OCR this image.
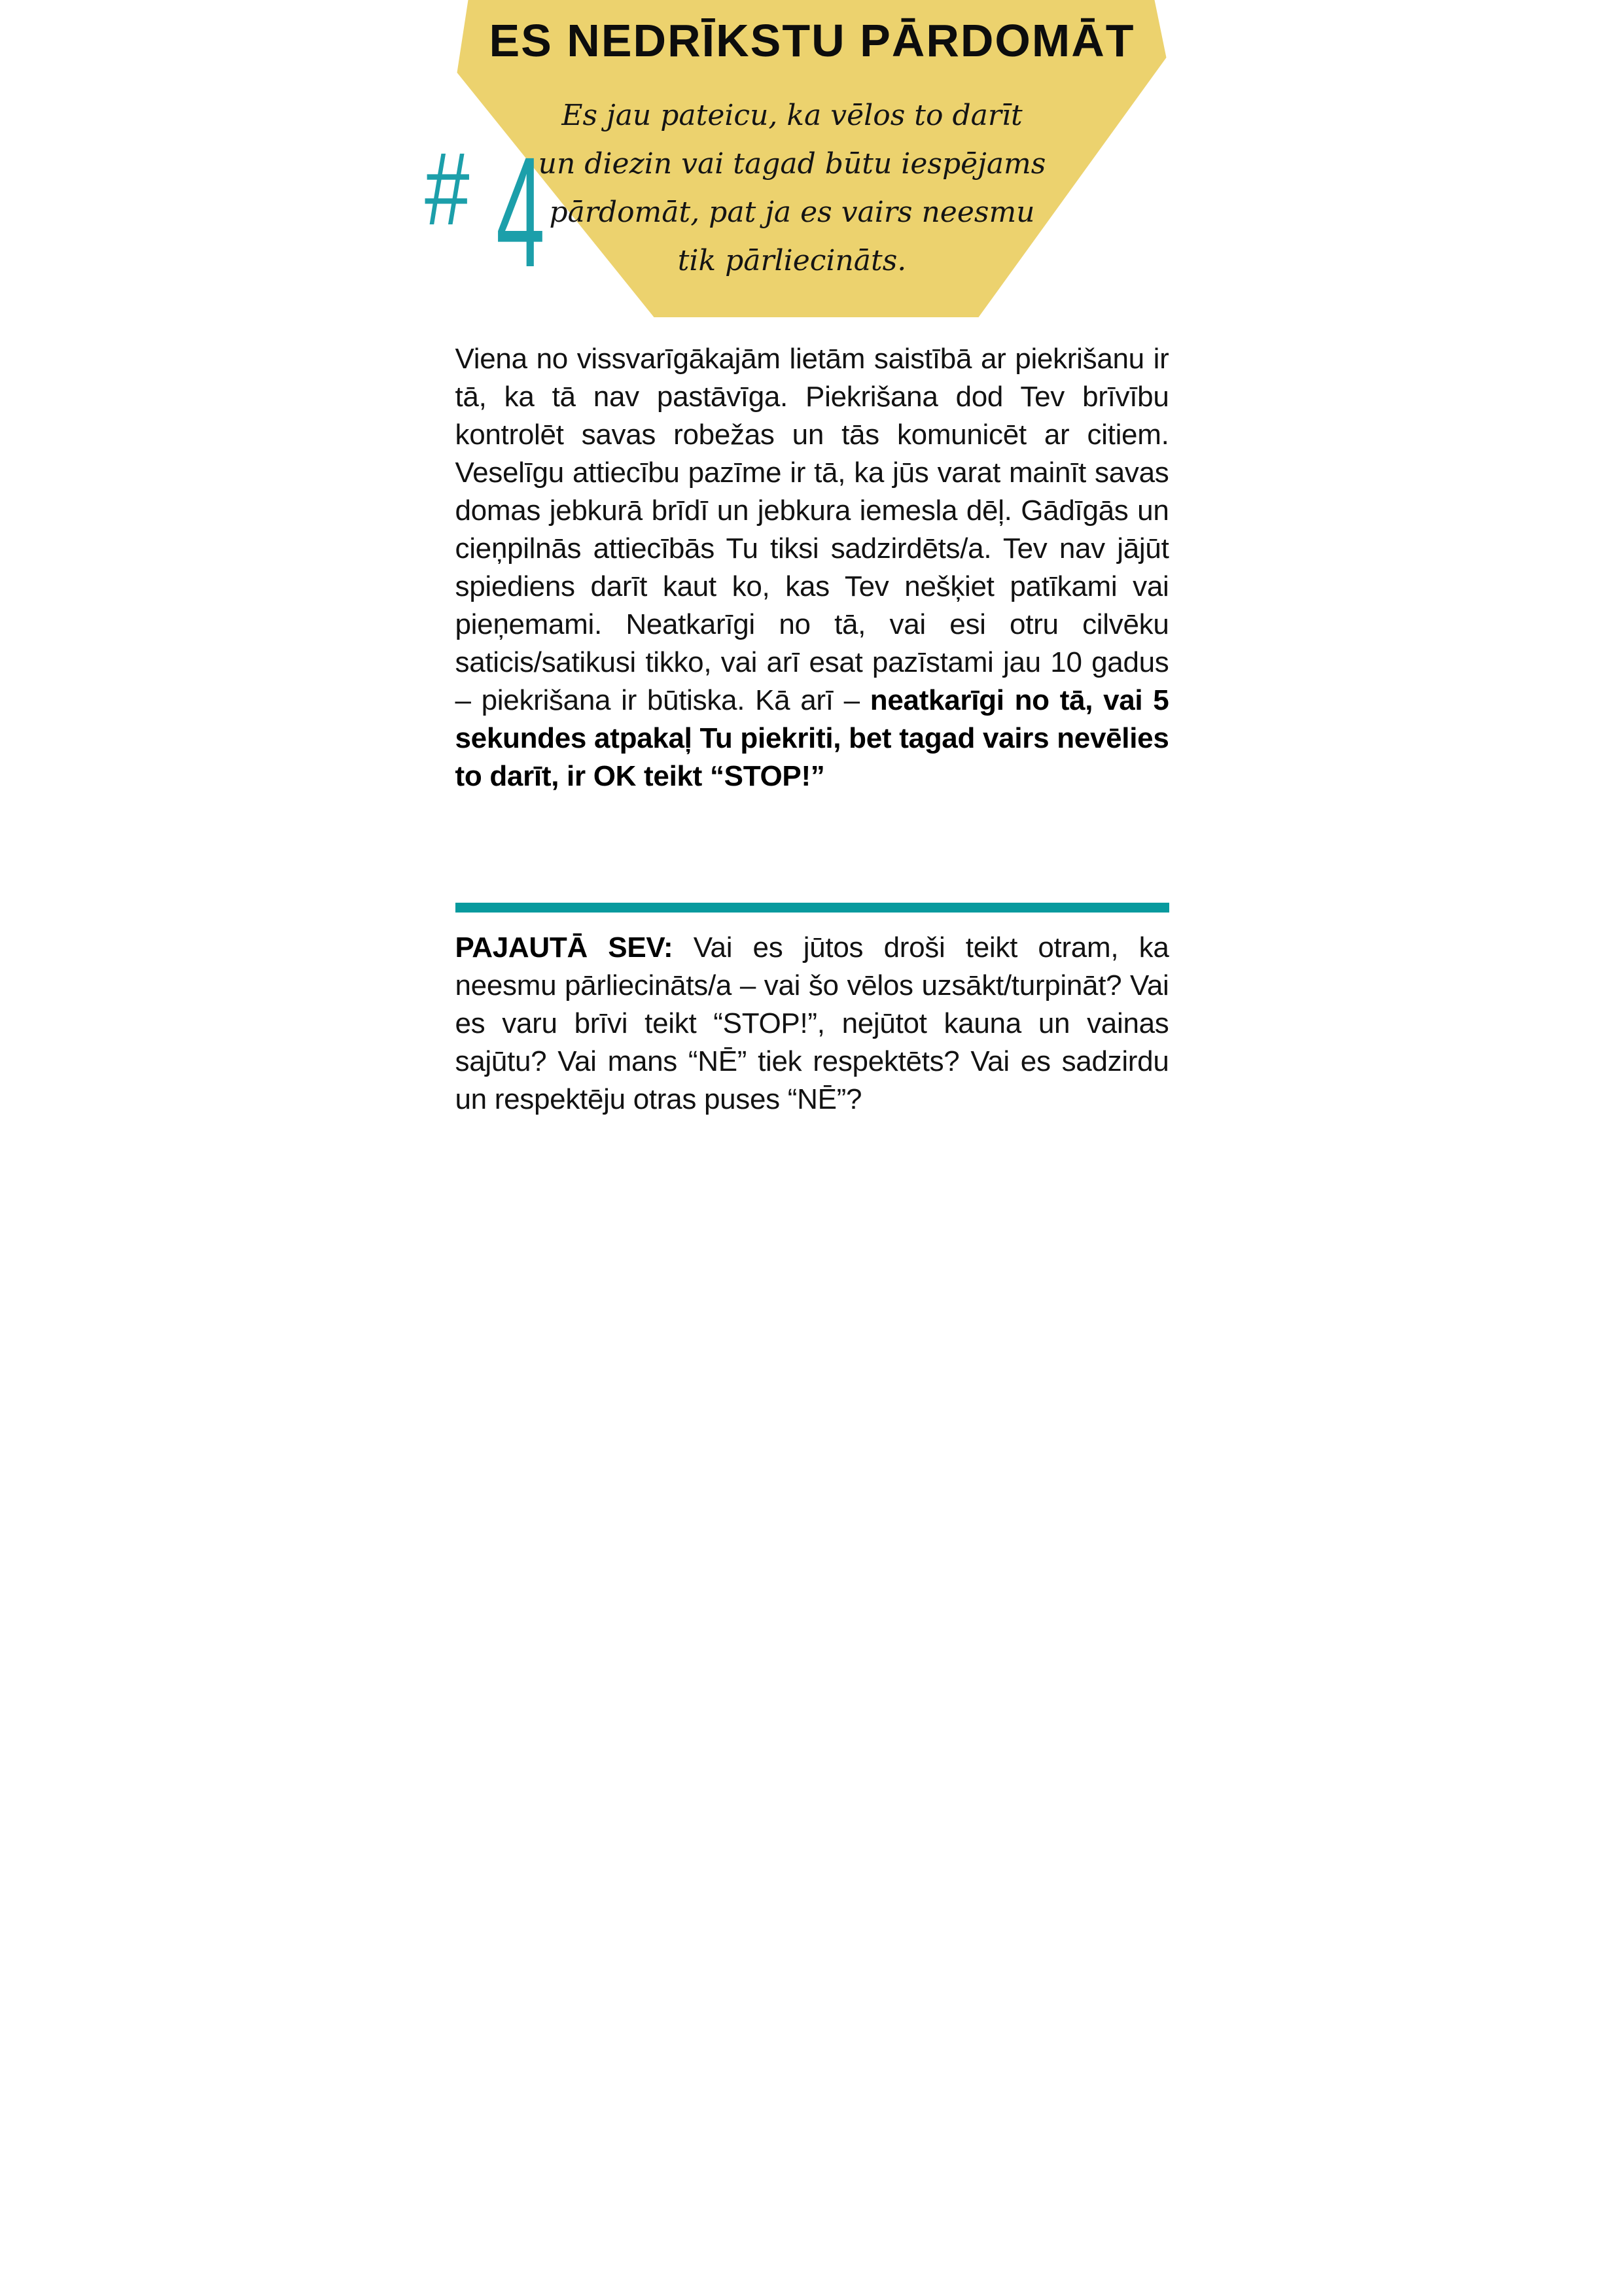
ES NEDRĪKSTU PĀRDOMĀT
Es jau pateicu, ka vēlos to darīt
un diezin vai tagad būtu iespējams
pārdomāt, pat ja es vairs neesmu
tik pārliecināts.
# 4
Viena no vissvarīgākajām lietām saistībā ar piekrišanu ir tā, ka tā nav pastāvīga. Piekrišana dod Tev brīvību kontrolēt savas robežas un tās komunicēt ar citiem. Veselīgu attiecību pazīme ir tā, ka jūs varat mainīt savas domas jebkurā brīdī un jebkura iemesla dēļ. Gādīgās un cieņpilnās attiecībās Tu tiksi sadzirdēts/a. Tev nav jājūt spiediens darīt kaut ko, kas Tev nešķiet patīkami vai pieņemami. Neatkarīgi no tā, vai esi otru cilvēku saticis/satikusi tikko, vai arī esat pazīstami jau 10 gadus – piekrišana ir būtiska. Kā arī – neatkarīgi no tā, vai 5 sekundes atpakaļ Tu piekriti, bet tagad vairs nevēlies to darīt, ir OK teikt “STOP!”
PAJAUTĀ SEV: Vai es jūtos droši teikt otram, ka neesmu pārliecināts/a – vai šo vēlos uzsākt/turpināt? Vai es varu brīvi teikt “STOP!”, nejūtot kauna un vainas sajūtu? Vai mans “NĒ” tiek respektēts? Vai es sadzirdu un respektēju otras puses “NĒ”?
